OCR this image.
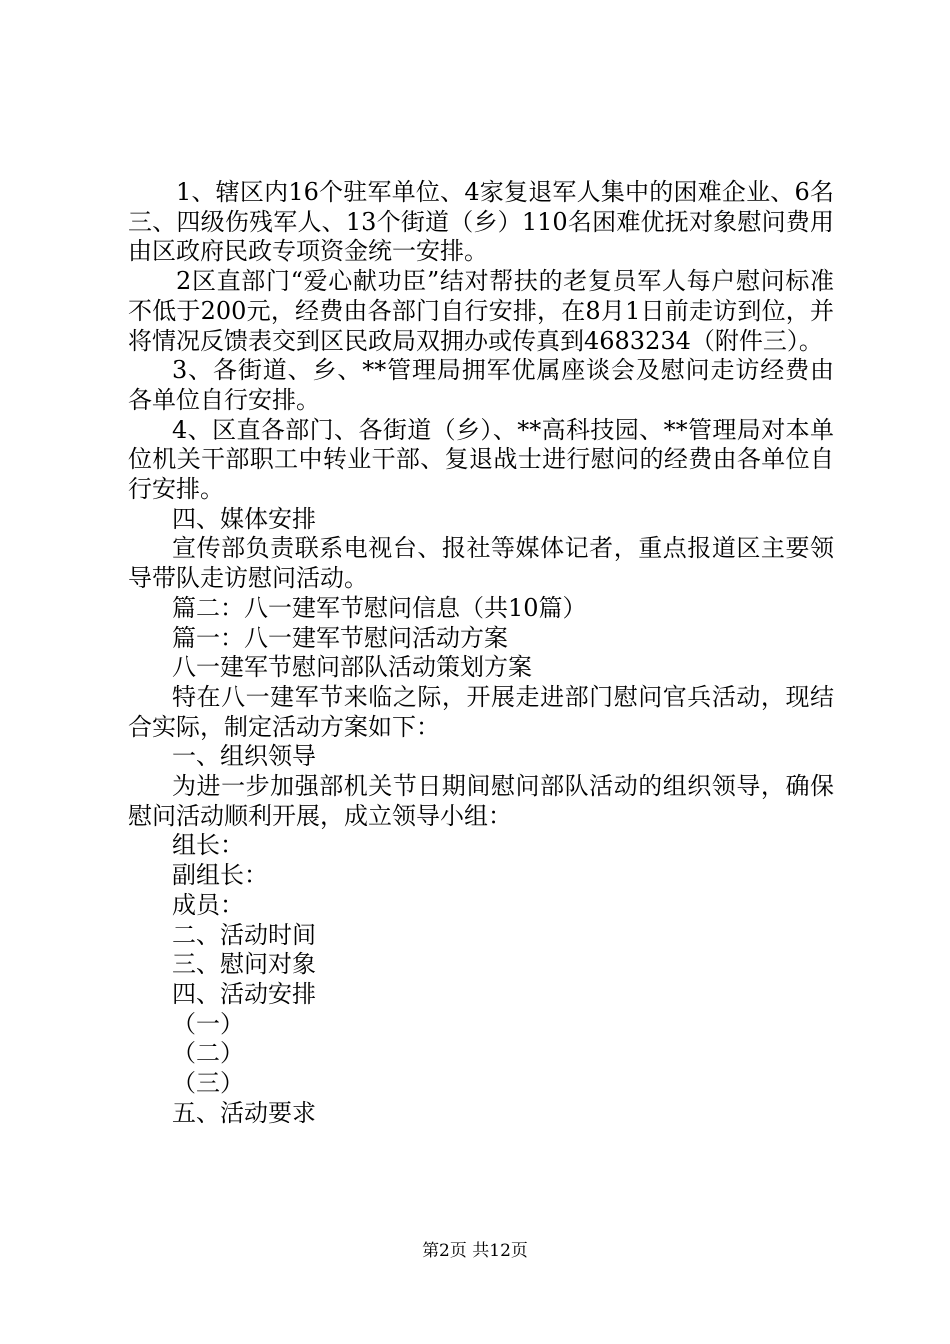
1、辖区内16个驻军单位、4家复退军人集中的困难企业、6名三、四级伤残军人、13个街道（乡）110名困难优抚对象慰问费用由区政府民政专项资金统一安排。

2区直部门“爱心献功臣”结对帮扶的老复员军人每户慰问标准不低于200元，经费由各部门自行安排，在8月1日前走访到位，并将情况反馈表交到区民政局双拥办或传真到4683234（附件三）。

3、各街道、乡、**管理局拥军优属座谈会及慰问走访经费由各单位自行安排。

4、区直各部门、各街道（乡）、**高科技园、**管理局对本单位机关干部职工中转业干部、复退战士进行慰问的经费由各单位自行安排。

四、媒体安排

宣传部负责联系电视台、报社等媒体记者，重点报道区主要领导带队走访慰问活动。

篇二：八一建军节慰问信息（共10篇）

篇一：八一建军节慰问活动方案

八一建军节慰问部队活动策划方案

特在八一建军节来临之际，开展走进部门慰问官兵活动，现结合实际，制定活动方案如下：

一、组织领导

为进一步加强部机关节日期间慰问部队活动的组织领导，确保慰问活动顺利开展，成立领导小组：

组长：

副组长：

成员：

二、活动时间

三、慰问对象

四、活动安排

（一）

（二）

（三）

五、活动要求

第2页 共12页
